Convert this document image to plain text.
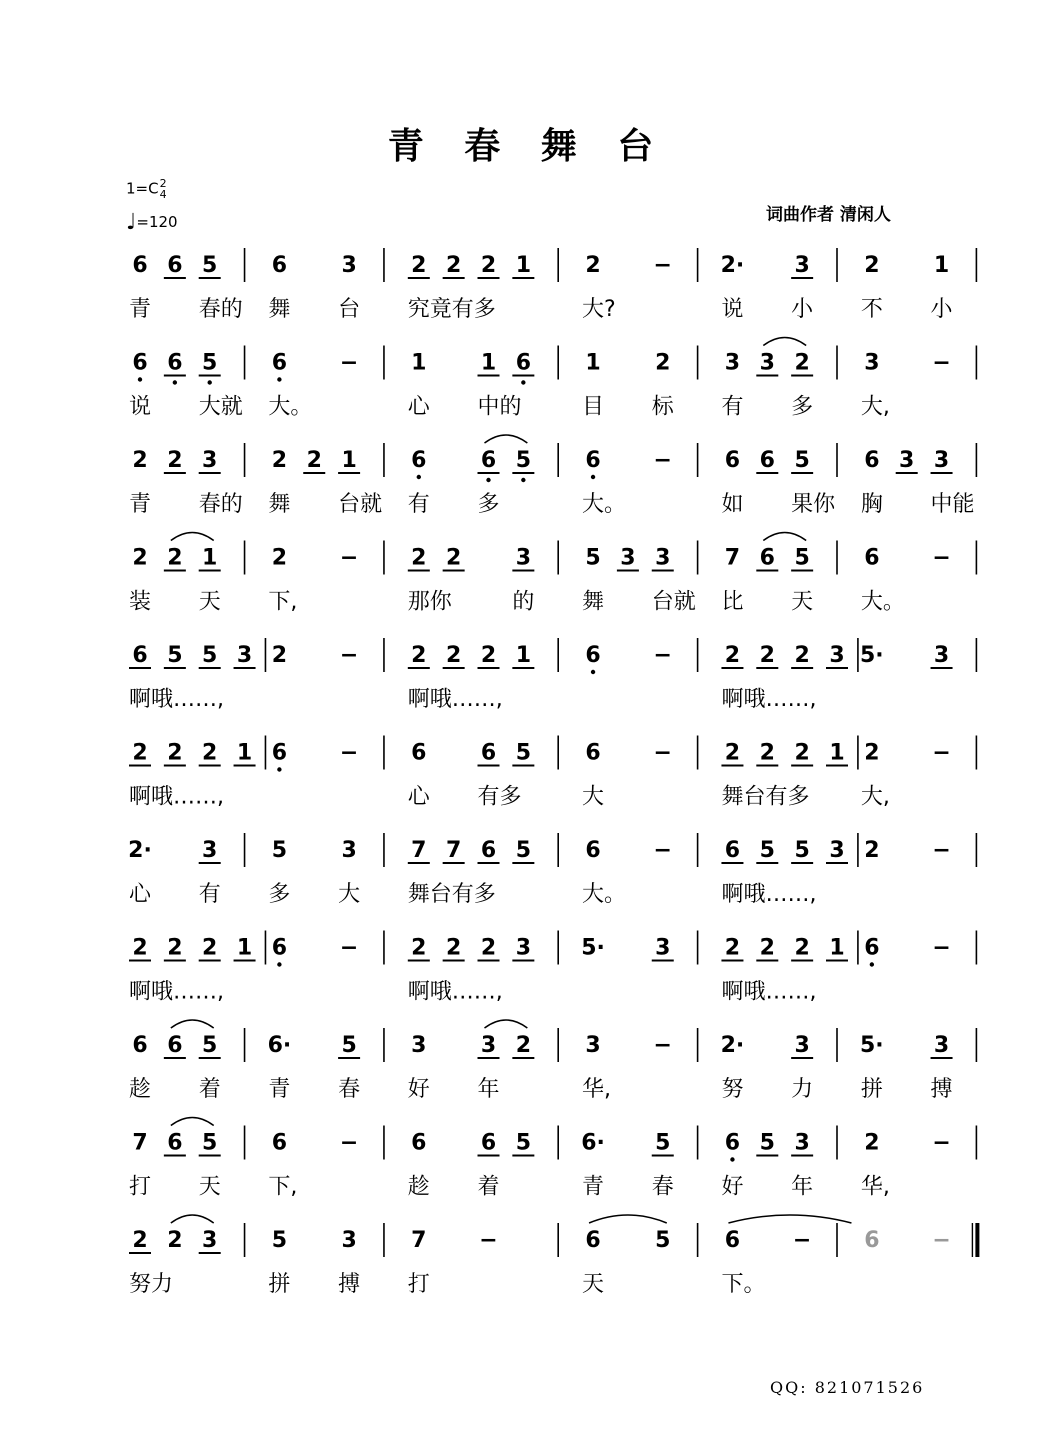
青 春 舞 台
1=C2
4
♩=120	词曲作者 清闲人
6 6 5 6 3 2 2 2 1 2 − 2· 3 2 1
青 春的 舞 台 究竟有多	大?	说 小 不 小
6 6 5 6 − 1 1 6 1 2 3 3 2 3 −
说 大就 大。	心 中的	目 标 有 多 大,
2 2 3 2 2 1 6 6 5 6 − 6 6 5 6 3 3
青 春的 舞 台就 有 多	大。	如 果你 胸 中能
2 2 1 2 − 2 2 3 5 3 3 7 6 5 6 −
装 天 下,	那你	的 舞 台就 比 天 大。
6 5 5 3 2 − 2 2 2 1 6 − 2 2 2 3 5· 3
啊哦……,	啊哦……,	啊哦……,
2 2 2 1 6 − 6 6 5 6 − 2 2 2 1 2 −
啊哦……,	心 有多	大	舞台有多 大,
2· 3 5 3 7 7 6 5 6 − 6 5 5 3 2 −
心 有 多 大 舞台有多	大。	啊哦……,
2 2 2 1 6 − 2 2 2 3 5· 3 2 2 2 1 6 −
啊哦……,	啊哦……,	啊哦……,
6 6 5 6· 5 3 3 2 3 − 2· 3 5· 3
趁 着 青 春 好 年	华,	努 力 拼 搏
7 6 5 6 − 6 6 5 6· 5 6 5 3 2 −
打 天 下,	趁 着	青 春 好 年 华,
2 2 3 5 3 7 −	6 5 6 − 6 −
努力	拼 搏 打	天	下。
QQ: 821071526
